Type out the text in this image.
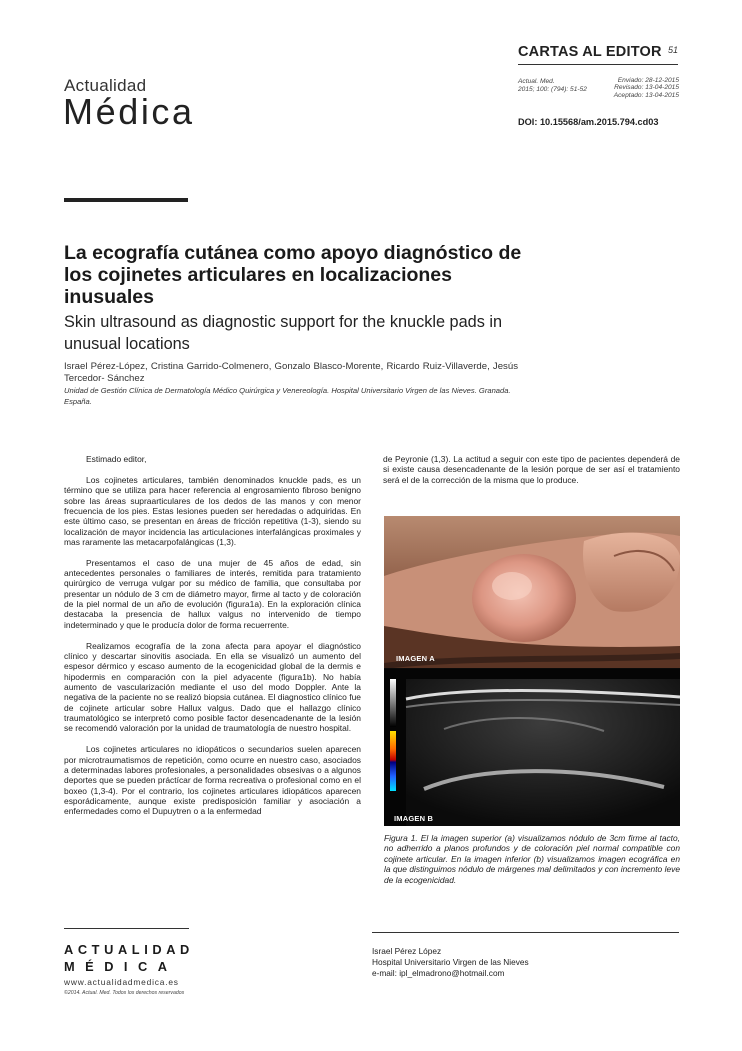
Actualidad
Médica
CARTAS AL EDITOR 51
Actual. Med.
2015; 100: (794): 51-52
Enviado: 28-12-2015
Revisado: 13-04-2015
Aceptado: 13-04-2015
DOI: 10.15568/am.2015.794.cd03
La ecografía cutánea como apoyo diagnóstico de los cojinetes articulares en localizaciones inusuales
Skin ultrasound as diagnostic support for the knuckle pads in unusual locations
Israel Pérez-López, Cristina Garrido-Colmenero, Gonzalo Blasco-Morente, Ricardo Ruiz-Villaverde, Jesús Tercedor- Sánchez
Unidad de Gestión Clínica de Dermatología Médico Quirúrgica y Venereología. Hospital Universitario Virgen de las Nieves. Granada. España.

Estimado editor,

Los cojinetes articulares, también denominados knuckle pads, es un término que se utiliza para hacer referencia al engrosamiento fibroso benigno sobre las áreas supraarticulares de los dedos de las manos y con menor frecuencia de los pies. Estas lesiones pueden ser heredadas o adquiridas. En este último caso, se presentan en áreas de fricción repetitiva (1-3), siendo su localización de mayor incidencia las articulaciones interfalángicas proximales y mas raramente las metacarpofalángicas (1,3).

Presentamos el caso de una mujer de 45 años de edad, sin antecedentes personales o familiares de interés, remitida para tratamiento quirúrgico de verruga vulgar por su médico de familia, que consultaba por presentar un nódulo de 3 cm de diámetro mayor, firme al tacto y de coloración de la piel normal de un año de evolución (figura1a). En la exploración clínica destacaba la presencia de hallux valgus no intervenido de tiempo indeterminado y que le producía dolor de forma recuerrente.

Realizamos ecografía de la zona afecta para apoyar el diagnóstico clínico y descartar sinovitis asociada. En ella se visualizó un aumento del espesor dérmico y escaso aumento de la ecogenicidad global de la dermis e hipodermis en comparación con la piel adyacente (figura1b). No había aumento de vascularización mediante el uso del modo Doppler. Ante la negativa de la paciente no se realizó biopsia cutánea. El diagnostico clínico fue de cojinete articular sobre Hallux valgus. Dado que el hallazgo clínico traumatológico se interpretó como posible factor desencadenante de la lesión se recomendó valoración por la unidad de traumatología de nuestro hospital.

Los cojinetes articulares no idiopáticos o secundarios suelen aparecen por microtraumatismos de repetición, como ocurre en nuestro caso, asociados a determinadas labores profesionales, a personalidades obsesivas o a algunos deportes que se pueden práctícar de forma recreativa o profesional como en el boxeo (1,3-4). Por el contrario, los cojinetes articulares idiopáticos aparecen esporádicamente, aunque existe predisposición familiar y asociación a enfermedades como el Dupuytren o a la enfermedad

de Peyronie (1,3). La actitud a seguir con este tipo de pacientes dependerá de si existe causa desencadenante de la lesión porque de ser así el tratamiento será el de la corrección de la misma que lo produce.

IMAGEN A
IMAGEN B
Figura 1. El la imagen superior (a) visualizamos nódulo de 3cm firme al tacto, no adherrido a planos profundos y de coloración piel normal compatible con cojinete articular. En la imagen inferior (b) visualizamos imagen ecográfica en la que distinguimos nódulo de márgenes mal delimitados y con incremento leve de la ecogenicidad.
ACTUALIDAD
MÉDICA
www.actualidadmedica.es
©2014. Actual. Med. Todos los derechos reservados
Israel Pérez López
Hospital Universitario Virgen de las Nieves
e-mail: ipl_elmadrono@hotmail.com
